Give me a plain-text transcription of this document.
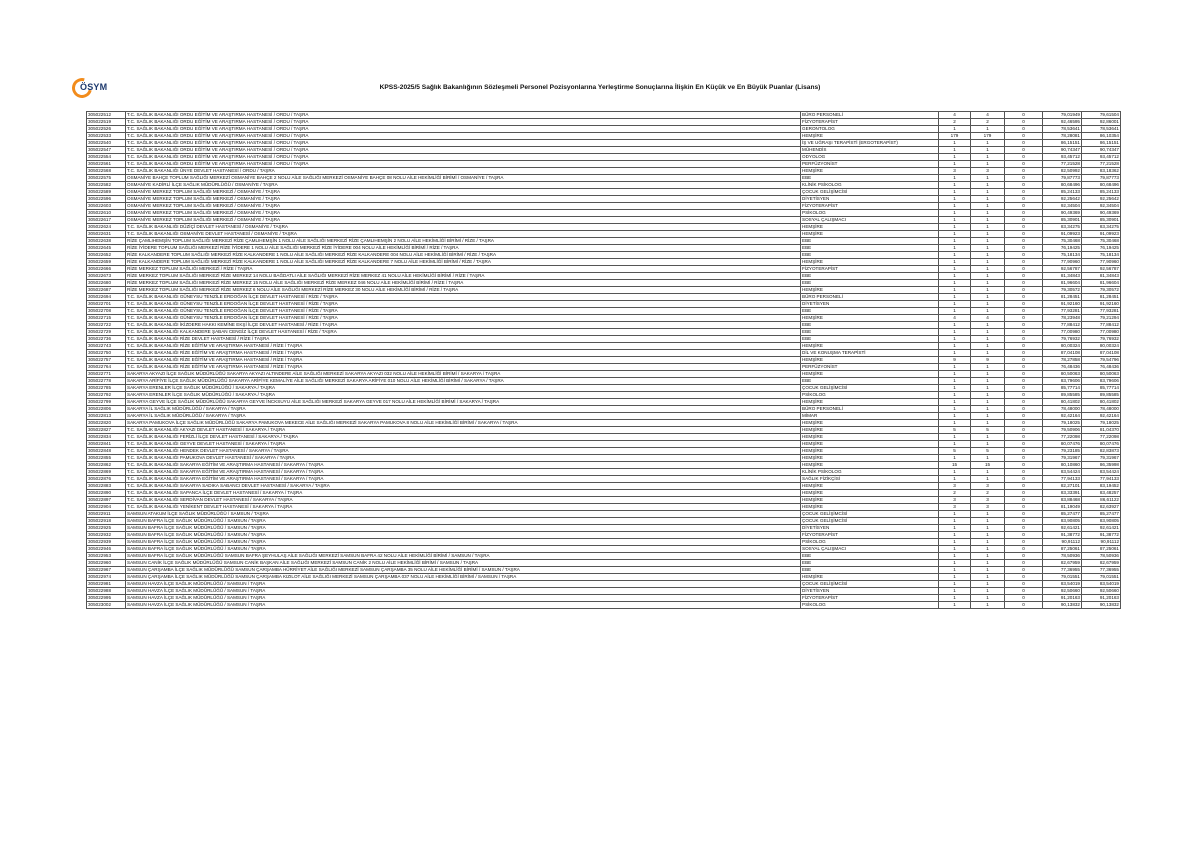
ÖSYM	KPSS-2025/5 Sağlık Bakanlığının Sözleşmeli Personel Pozisyonlarına Yerleştirme Sonuçlarına İlişkin En Küçük ve En Büyük Puanlar (Lisans)
305022512	T.C. SAĞLIK BAKANLIĞI ORDU EĞİTİM VE ARAŞTIRMA HASTANESİ / ORDU / TAŞRA	BÜRO PERSONELİ	4	4	0	79,01949	79,61504
305022519	T.C. SAĞLIK BAKANLIĞI ORDU EĞİTİM VE ARAŞTIRMA HASTANESİ / ORDU / TAŞRA	FİZYOTERAPİST	2	2	0	92,46595	92,86001
305022526	T.C. SAĞLIK BAKANLIĞI ORDU EĞİTİM VE ARAŞTIRMA HASTANESİ / ORDU / TAŞRA	GERONTOLOG	1	1	0	78,53641	78,53641
305022533	T.C. SAĞLIK BAKANLIĞI ORDU EĞİTİM VE ARAŞTIRMA HASTANESİ / ORDU / TAŞRA	HEMŞİRE	179	179	0	78,28081	86,10354
305022540	T.C. SAĞLIK BAKANLIĞI ORDU EĞİTİM VE ARAŞTIRMA HASTANESİ / ORDU / TAŞRA	İŞ VE UĞRAŞI TERAPİSTİ (ERGOTERAPİST)	1	1	0	86,15151	86,15151
305022547	T.C. SAĞLIK BAKANLIĞI ORDU EĞİTİM VE ARAŞTIRMA HASTANESİ / ORDU / TAŞRA	MÜHENDİS	1	1	0	90,74347	90,74347
305022554	T.C. SAĞLIK BAKANLIĞI ORDU EĞİTİM VE ARAŞTIRMA HASTANESİ / ORDU / TAŞRA	ODYOLOG	1	1	0	93,45712	93,45712
305022561	T.C. SAĞLIK BAKANLIĞI ORDU EĞİTİM VE ARAŞTIRMA HASTANESİ / ORDU / TAŞRA	PERFÜZYONİST	1	1	0	77,21528	77,21528
305022568	T.C. SAĞLIK BAKANLIĞI ÜNYE DEVLET HASTANESİ / ORDU / TAŞRA	HEMŞİRE	3	3	0	82,50992	83,18362
305022575	OSMANİYE BAHÇE TOPLUM SAĞLIĞI MERKEZİ OSMANİYE BAHÇE 2 NOLU AİLE SAĞLIĞI MERKEZİ OSMANİYE BAHÇE 08 NOLU AİLE HEKİMLİĞİ BİRİMİ / OSMANİYE / TAŞRA	EBE	1	1	0	79,87773	79,87773
305022582	OSMANİYE KADİRLİ İLÇE SAĞLIK MÜDÜRLÜĞÜ / OSMANİYE / TAŞRA	KLİNİK PSİKOLOG	1	1	0	80,68496	80,68496
305022589	OSMANİYE MERKEZ TOPLUM SAĞLIĞI MERKEZİ / OSMANİYE / TAŞRA	ÇOCUK GELİŞİMCİSİ	1	1	0	85,24133	85,24133
305022596	OSMANİYE MERKEZ TOPLUM SAĞLIĞI MERKEZİ / OSMANİYE / TAŞRA	DİYETİSYEN	1	1	0	92,25642	92,25642
305022603	OSMANİYE MERKEZ TOPLUM SAĞLIĞI MERKEZİ / OSMANİYE / TAŞRA	FİZYOTERAPİST	1	1	0	92,34504	92,34504
305022610	OSMANİYE MERKEZ TOPLUM SAĞLIĞI MERKEZİ / OSMANİYE / TAŞRA	PSİKOLOG	1	1	0	90,49369	90,49369
305022617	OSMANİYE MERKEZ TOPLUM SAĞLIĞI MERKEZİ / OSMANİYE / TAŞRA	SOSYAL ÇALIŞMACI	1	1	0	85,30901	85,30901
305022624	T.C. SAĞLIK BAKANLIĞI DÜZİÇİ DEVLET HASTANESİ / OSMANİYE / TAŞRA	HEMŞİRE	1	1	0	83,34275	83,34275
305022631	T.C. SAĞLIK BAKANLIĞI OSMANİYE DEVLET HASTANESİ / OSMANİYE / TAŞRA	HEMŞİRE	1	1	0	91,09923	91,09923
305022638	RİZE ÇAMLIHEMŞİN TOPLUM SAĞLIĞI MERKEZİ RİZE ÇAMLIHEMŞİN 1 NOLU AİLE SAĞLIĞI MERKEZİ RİZE ÇAMLIHEMŞİN 2 NOLU AİLE HEKİMLİĞİ BİRİMİ / RİZE / TAŞRA	EBE	1	1	0	75,30468	75,30468
305022645	RİZE İYİDERE TOPLUM SAĞLIĞI MERKEZİ RİZE İYİDERE 1 NOLU AİLE SAĞLIĞI MERKEZİ RİZE İYİDERE 004 NOLU AİLE HEKİMLİĞİ BİRİMİ / RİZE / TAŞRA	EBE	1	1	0	76,19425	76,19425
305022652	RİZE KALKANDERE TOPLUM SAĞLIĞI MERKEZİ RİZE KALKANDERE 1 NOLU AİLE SAĞLIĞI MERKEZİ RİZE KALKANDERE 004 NOLU AİLE HEKİMLİĞİ BİRİMİ / RİZE / TAŞRA	EBE	1	1	0	75,18134	75,18134
305022659	RİZE KALKANDERE TOPLUM SAĞLIĞI MERKEZİ RİZE KALKANDERE 1 NOLU AİLE SAĞLIĞI MERKEZİ RİZE KALKANDERE 7 NOLU AİLE HEKİMLİĞİ BİRİMİ / RİZE / TAŞRA	HEMŞİRE	1	1	0	77,90960	77,90960
305022666	RİZE MERKEZ TOPLUM SAĞLIĞI MERKEZİ / RİZE / TAŞRA	FİZYOTERAPİST	1	1	0	92,56787	92,56787
305022673	RİZE MERKEZ TOPLUM SAĞLIĞI MERKEZİ RİZE MERKEZ 14 NOLU BAĞDATLI AİLE SAĞLIĞI MERKEZİ RİZE MERKEZ 41 NOLU AİLE HEKİMLİĞİ BİRİMİ / RİZE / TAŞRA	EBE	1	1	0	81,34843	81,34843
305022680	RİZE MERKEZ TOPLUM SAĞLIĞI MERKEZİ RİZE MERKEZ 15 NOLU AİLE SAĞLIĞI MERKEZİ RİZE MERKEZ 046 NOLU AİLE HEKİMLİĞİ BİRİMİ / RİZE / TAŞRA	EBE	1	1	0	81,96604	81,96604
305022687	RİZE MERKEZ TOPLUM SAĞLIĞI MERKEZİ RİZE MERKEZ 6 NOLU AİLE SAĞLIĞI MERKEZİ RİZE MERKEZ 30 NOLU AİLE HEKİMLİĞİ BİRİMİ / RİZE / TAŞRA	HEMŞİRE	1	1	0	79,30572	79,30572
305022694	T.C. SAĞLIK BAKANLIĞI GÜNEYSU TENZİLE ERDOĞAN İLÇE DEVLET HASTANESİ / RİZE / TAŞRA	BÜRO PERSONELİ	1	1	0	81,28451	81,28451
305022701	T.C. SAĞLIK BAKANLIĞI GÜNEYSU TENZİLE ERDOĞAN İLÇE DEVLET HASTANESİ / RİZE / TAŞRA	DİYETİSYEN	1	1	0	91,92160	91,92160
305022708	T.C. SAĞLIK BAKANLIĞI GÜNEYSU TENZİLE ERDOĞAN İLÇE DEVLET HASTANESİ / RİZE / TAŞRA	EBE	1	1	0	77,93281	77,93281
305022715	T.C. SAĞLIK BAKANLIĞI GÜNEYSU TENZİLE ERDOĞAN İLÇE DEVLET HASTANESİ / RİZE / TAŞRA	HEMŞİRE	4	4	0	78,23948	79,21294
305022722	T.C. SAĞLIK BAKANLIĞI İKİZDERE HAKKI KEMİNE EKŞİ İLÇE DEVLET HASTANESİ / RİZE / TAŞRA	EBE	1	1	0	77,88412	77,88412
305022729	T.C. SAĞLIK BAKANLIĞI KALKANDERE ŞABAN CENGİZ İLÇE DEVLET HASTANESİ / RİZE / TAŞRA	EBE	1	1	0	77,00980	77,00980
305022736	T.C. SAĞLIK BAKANLIĞI RİZE DEVLET HASTANESİ / RİZE / TAŞRA	EBE	1	1	0	79,76932	79,76932
305022743	T.C. SAĞLIK BAKANLIĞI RİZE EĞİTİM VE ARAŞTIRMA HASTANESİ / RİZE / TAŞRA	HEMŞİRE	1	1	0	80,00324	80,00324
305022750	T.C. SAĞLIK BAKANLIĞI RİZE EĞİTİM VE ARAŞTIRMA HASTANESİ / RİZE / TAŞRA	DİL VE KONUŞMA TERAPİSTİ	1	1	0	87,04108	87,04108
305022757	T.C. SAĞLIK BAKANLIĞI RİZE EĞİTİM VE ARAŞTIRMA HASTANESİ / RİZE / TAŞRA	HEMŞİRE	9	9	0	78,27858	79,54796
305022764	T.C. SAĞLIK BAKANLIĞI RİZE EĞİTİM VE ARAŞTIRMA HASTANESİ / RİZE / TAŞRA	PERFÜZYONİST	1	1	0	76,48436	76,48436
305022771	SAKARYA AKYAZI İLÇE SAĞLIK MÜDÜRLÜĞÜ SAKARYA AKYAZI ALTINDERE AİLE SAĞLIĞI MERKEZİ SAKARYA AKYAZI 032 NOLU AİLE HEKİMLİĞİ BİRİMİ / SAKARYA / TAŞRA	HEMŞİRE	1	1	0	80,50063	80,50063
305022778	SAKARYA ARİFİYE İLÇE SAĞLIK MÜDÜRLÜĞÜ SAKARYA ARİFİYE KEMALİYE AİLE SAĞLIĞI MERKEZİ SAKARYA ARİFİYE 010 NOLU AİLE HEKİMLİĞİ BİRİMİ / SAKARYA / TAŞRA	EBE	1	1	0	83,79606	83,79606
305022785	SAKARYA ERENLER İLÇE SAĞLIK MÜDÜRLÜĞÜ / SAKARYA / TAŞRA	ÇOCUK GELİŞİMCİSİ	1	1	0	85,77714	85,77714
305022792	SAKARYA ERENLER İLÇE SAĞLIK MÜDÜRLÜĞÜ / SAKARYA / TAŞRA	PSİKOLOG	1	1	0	89,85585	89,85585
305022799	SAKARYA GEYVE İLÇE SAĞLIK MÜDÜRLÜĞÜ SAKARYA GEYVE İNCKSUYU AİLE SAĞLIĞI MERKEZİ SAKARYA GEYVE 017 NOLU AİLE HEKİMLİĞİ BİRİMİ / SAKARYA / TAŞRA	HEMŞİRE	1	1	0	80,41802	80,41802
305022806	SAKARYA İL SAĞLIK MÜDÜRLÜĞÜ / SAKARYA / TAŞRA	BÜRO PERSONELİ	1	1	0	78,48000	78,48000
305022813	SAKARYA İL SAĞLIK MÜDÜRLÜĞÜ / SAKARYA / TAŞRA	MİMAR	1	1	0	92,42164	92,42164
305022820	SAKARYA PAMUKOVA İLÇE SAĞLIK MÜDÜRLÜĞÜ SAKARYA PAMUKOVA MEKECE AİLE SAĞLIĞI MERKEZİ SAKARYA PAMUKOVA 8 NOLU AİLE HEKİMLİĞİ BİRİMİ / SAKARYA / TAŞRA	HEMŞİRE	1	1	0	79,18025	79,18025
305022827	T.C. SAĞLIK BAKANLIĞI AKYAZI DEVLET HASTANESİ / SAKARYA / TAŞRA	HEMŞİRE	5	5	0	79,50906	81,04370
305022834	T.C. SAĞLIK BAKANLIĞI FERİZLİ İLÇE DEVLET HASTANESİ / SAKARYA / TAŞRA	HEMŞİRE	1	1	0	77,22098	77,22098
305022841	T.C. SAĞLIK BAKANLIĞI GEYVE DEVLET HASTANESİ / SAKARYA / TAŞRA	HEMŞİRE	1	1	0	80,07476	80,07476
305022848	T.C. SAĞLIK BAKANLIĞI HENDEK DEVLET HASTANESİ / SAKARYA / TAŞRA	HEMŞİRE	5	5	0	79,23185	82,83873
305022855	T.C. SAĞLIK BAKANLIĞI PAMUKOVA DEVLET HASTANESİ / SAKARYA / TAŞRA	HEMŞİRE	1	1	0	79,31967	79,31967
305022862	T.C. SAĞLIK BAKANLIĞI SAKARYA EĞİTİM VE ARAŞTIRMA HASTANESİ / SAKARYA / TAŞRA	HEMŞİRE	15	15	0	80,10860	86,35998
305022869	T.C. SAĞLIK BAKANLIĞI SAKARYA EĞİTİM VE ARAŞTIRMA HASTANESİ / SAKARYA / TAŞRA	KLİNİK PSİKOLOG	1	1	0	83,54424	83,54424
305022876	T.C. SAĞLIK BAKANLIĞI SAKARYA EĞİTİM VE ARAŞTIRMA HASTANESİ / SAKARYA / TAŞRA	SAĞLIK FİZİKÇİSİ	1	1	0	77,94133	77,94133
305022883	T.C. SAĞLIK BAKANLIĞI SAKARYA SADIKA SABANCI DEVLET HASTANESİ / SAKARYA / TAŞRA	HEMŞİRE	3	3	0	82,27101	83,19452
305022890	T.C. SAĞLIK BAKANLIĞI SAPANCA İLÇE DEVLET HASTANESİ / SAKARYA / TAŞRA	HEMŞİRE	2	2	0	83,33391	83,48257
305022897	T.C. SAĞLIK BAKANLIĞI SERDİVAN DEVLET HASTANESİ / SAKARYA / TAŞRA	HEMŞİRE	3	3	0	83,88468	86,61122
305022904	T.C. SAĞLIK BAKANLIĞI YENİKENT DEVLET HASTANESİ / SAKARYA / TAŞRA	HEMŞİRE	3	3	0	81,19049	82,63927
305022911	SAMSUN ATAKUM İLÇE SAĞLIK MÜDÜRLÜĞÜ / SAMSUN / TAŞRA	ÇOCUK GELİŞİMCİSİ	1	1	0	85,27477	85,27477
305022918	SAMSUN BAFRA İLÇE SAĞLIK MÜDÜRLÜĞÜ / SAMSUN / TAŞRA	ÇOCUK GELİŞİMCİSİ	1	1	0	83,90805	83,90805
305022925	SAMSUN BAFRA İLÇE SAĞLIK MÜDÜRLÜĞÜ / SAMSUN / TAŞRA	DİYETİSYEN	1	1	0	92,61421	92,61421
305022932	SAMSUN BAFRA İLÇE SAĞLIK MÜDÜRLÜĞÜ / SAMSUN / TAŞRA	FİZYOTERAPİST	1	1	0	91,38772	91,38772
305022939	SAMSUN BAFRA İLÇE SAĞLIK MÜDÜRLÜĞÜ / SAMSUN / TAŞRA	PSİKOLOG	1	1	0	90,91112	90,91112
305022946	SAMSUN BAFRA İLÇE SAĞLIK MÜDÜRLÜĞÜ / SAMSUN / TAŞRA	SOSYAL ÇALIŞMACI	1	1	0	87,25061	87,25061
305022953	SAMSUN BAFRA İLÇE SAĞLIK MÜDÜRLÜĞÜ SAMSUN BAFRA ŞEYHULAŞ AİLE SAĞLIĞI MERKEZİ SAMSUN BAFRA 42 NOLU AİLE HEKİMLİĞİ BİRİMİ / SAMSUN / TAŞRA	EBE	1	1	0	78,50936	78,50936
305022960	SAMSUN CANİK İLÇE SAĞLIK MÜDÜRLÜĞÜ SAMSUN CANİK BAŞKAN AİLE SAĞLIĞI MERKEZİ SAMSUN CANİK 2 NOLU AİLE HEKİMLİĞİ BİRİMİ / SAMSUN / TAŞRA	EBE	1	1	0	82,67959	82,67959
305022967	SAMSUN ÇARŞAMBA İLÇE SAĞLIK MÜDÜRLÜĞÜ SAMSUN ÇARŞAMBA HÜRRİYET AİLE SAĞLIĞI MERKEZİ SAMSUN ÇARŞAMBA 35 NOLU AİLE HEKİMLİĞİ BİRİMİ / SAMSUN / TAŞRA	EBE	1	1	0	77,36955	77,36955
305022974	SAMSUN ÇARŞAMBA İLÇE SAĞLIK MÜDÜRLÜĞÜ SAMSUN ÇARŞAMBA KIZILOT AİLE SAĞLIĞI MERKEZİ SAMSUN ÇARŞAMBA 037 NOLU AİLE HEKİMLİĞİ BİRİMİ / SAMSUN / TAŞRA	HEMŞİRE	1	1	0	79,01551	79,01551
305022981	SAMSUN HAVZA İLÇE SAĞLIK MÜDÜRLÜĞÜ / SAMSUN / TAŞRA	ÇOCUK GELİŞİMCİSİ	1	1	0	83,54019	83,54019
305022988	SAMSUN HAVZA İLÇE SAĞLIK MÜDÜRLÜĞÜ / SAMSUN / TAŞRA	DİYETİSYEN	1	1	0	92,50660	92,50660
305022995	SAMSUN HAVZA İLÇE SAĞLIK MÜDÜRLÜĞÜ / SAMSUN / TAŞRA	FİZYOTERAPİST	1	1	0	91,20163	91,20163
305023002	SAMSUN HAVZA İLÇE SAĞLIK MÜDÜRLÜĞÜ / SAMSUN / TAŞRA	PSİKOLOG	1	1	0	90,13832	90,13832
